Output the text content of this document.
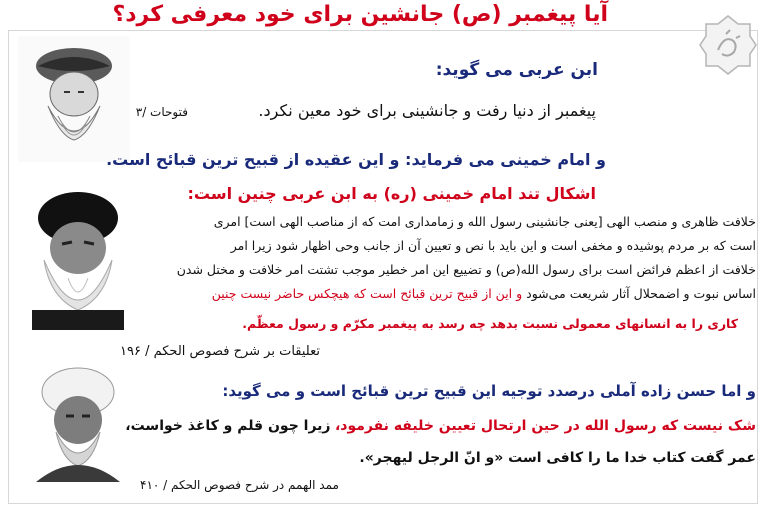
آیا پیغمبر (ص) جانشین برای خود معرفی کرد؟
ابن عربی می گوید:
پیغمبر از دنیا رفت و جانشینی برای خود معین نکرد.
فتوحات /۳
و امام خمینی می فرماید: و این عقیده از قبیح ترین قبائح است.
اشکال تند امام خمینی (ره) به ابن عربی چنین است:
خلافت ظاهری و منصب الهی [یعنی جانشینی رسول الله و زمامداری امت که از مناصب الهی است] امری
است که بر مردم پوشیده و مخفی است و این باید با نص و تعیین آن از جانب وحی اظهار شود زیرا امر
خلافت از اعظم فرائض است برای رسول الله(ص) و تضییع این امر خطیر موجب تشتت امر خلافت و مختل شدن
اساس نبوت و اضمحلال آثار شریعت می‌شود و این از قبیح ترین قبائح است که هیچکس حاضر نیست چنین
کاری را به انسانهای معمولی نسبت بدهد چه رسد به پیغمبر مکرّم و رسول معظّم.
تعلیقات بر شرح فصوص الحکم / ۱۹۶
و اما حسن زاده آملی درصدد توجیه این قبیح ترین قبائح است و می گوید:
شک نیست که رسول الله در حین ارتحال تعیین خلیفه نفرمود، زیرا چون قلم و کاغذ خواست،
عمر گفت کتاب خدا ما را کافی است «و انّ الرجل لیهجر».
ممد الهمم در شرح فصوص الحکم / ۴۱۰
